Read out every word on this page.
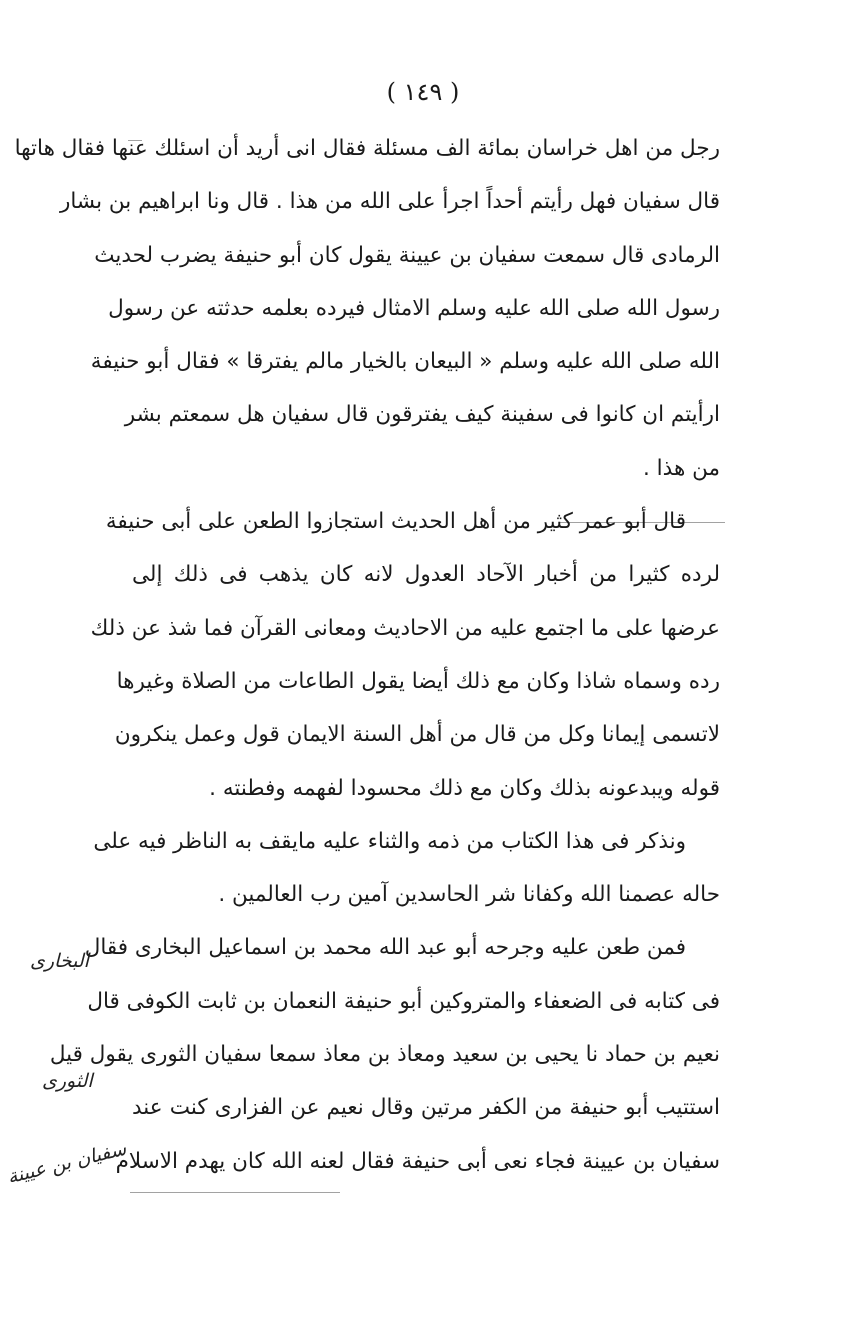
( ١٤٩ )
رجل من اهل خراسان بمائة الف مسئلة فقال انى أريد أن اسئلك عنها فقال هاتها
قال سفيان فهل رأيتم أحداً اجرأ على الله من هذا . قال ونا ابراهيم بن بشار
الرمادى قال سمعت سفيان بن عيينة يقول كان أبو حنيفة يضرب لحديث
رسول الله صلى الله عليه وسلم الامثال فيرده بعلمه حدثته عن رسول
الله صلى الله عليه وسلم « البيعان بالخيار مالم يفترقا » فقال أبو حنيفة
ارأيتم ان كانوا فى سفينة كيف يفترقون قال سفيان هل سمعتم بشر
من هذا .
قال أبو عمر كثير من أهل الحديث استجازوا الطعن على أبى حنيفة
لرده كثيرا من أخبار الآحاد العدول لانه كان يذهب فى ذلك إلى
عرضها على ما اجتمع عليه من الاحاديث ومعانى القرآن فما شذ عن ذلك
رده وسماه شاذا وكان مع ذلك أيضا يقول الطاعات من الصلاة وغيرها
لاتسمى إيمانا وكل من قال من أهل السنة الايمان قول وعمل ينكرون
قوله ويبدعونه بذلك وكان مع ذلك محسودا لفهمه وفطنته .
ونذكر فى هذا الكتاب من ذمه والثناء عليه مايقف به الناظر فيه على
حاله عصمنا الله وكفانا شر الحاسدين آمين رب العالمين .
فمن طعن عليه وجرحه أبو عبد الله محمد بن اسماعيل البخارى فقال
فى كتابه فى الضعفاء والمتروكين أبو حنيفة النعمان بن ثابت الكوفى قال
نعيم بن حماد نا يحيى بن سعيد ومعاذ بن معاذ سمعا سفيان الثورى يقول قيل
استتيب أبو حنيفة من الكفر مرتين وقال نعيم عن الفزارى كنت عند
سفيان بن عيينة فجاء نعى أبى حنيفة فقال لعنه الله كان يهدم الاسلام
البخارى
الثورى
سفيان بن عيينة
